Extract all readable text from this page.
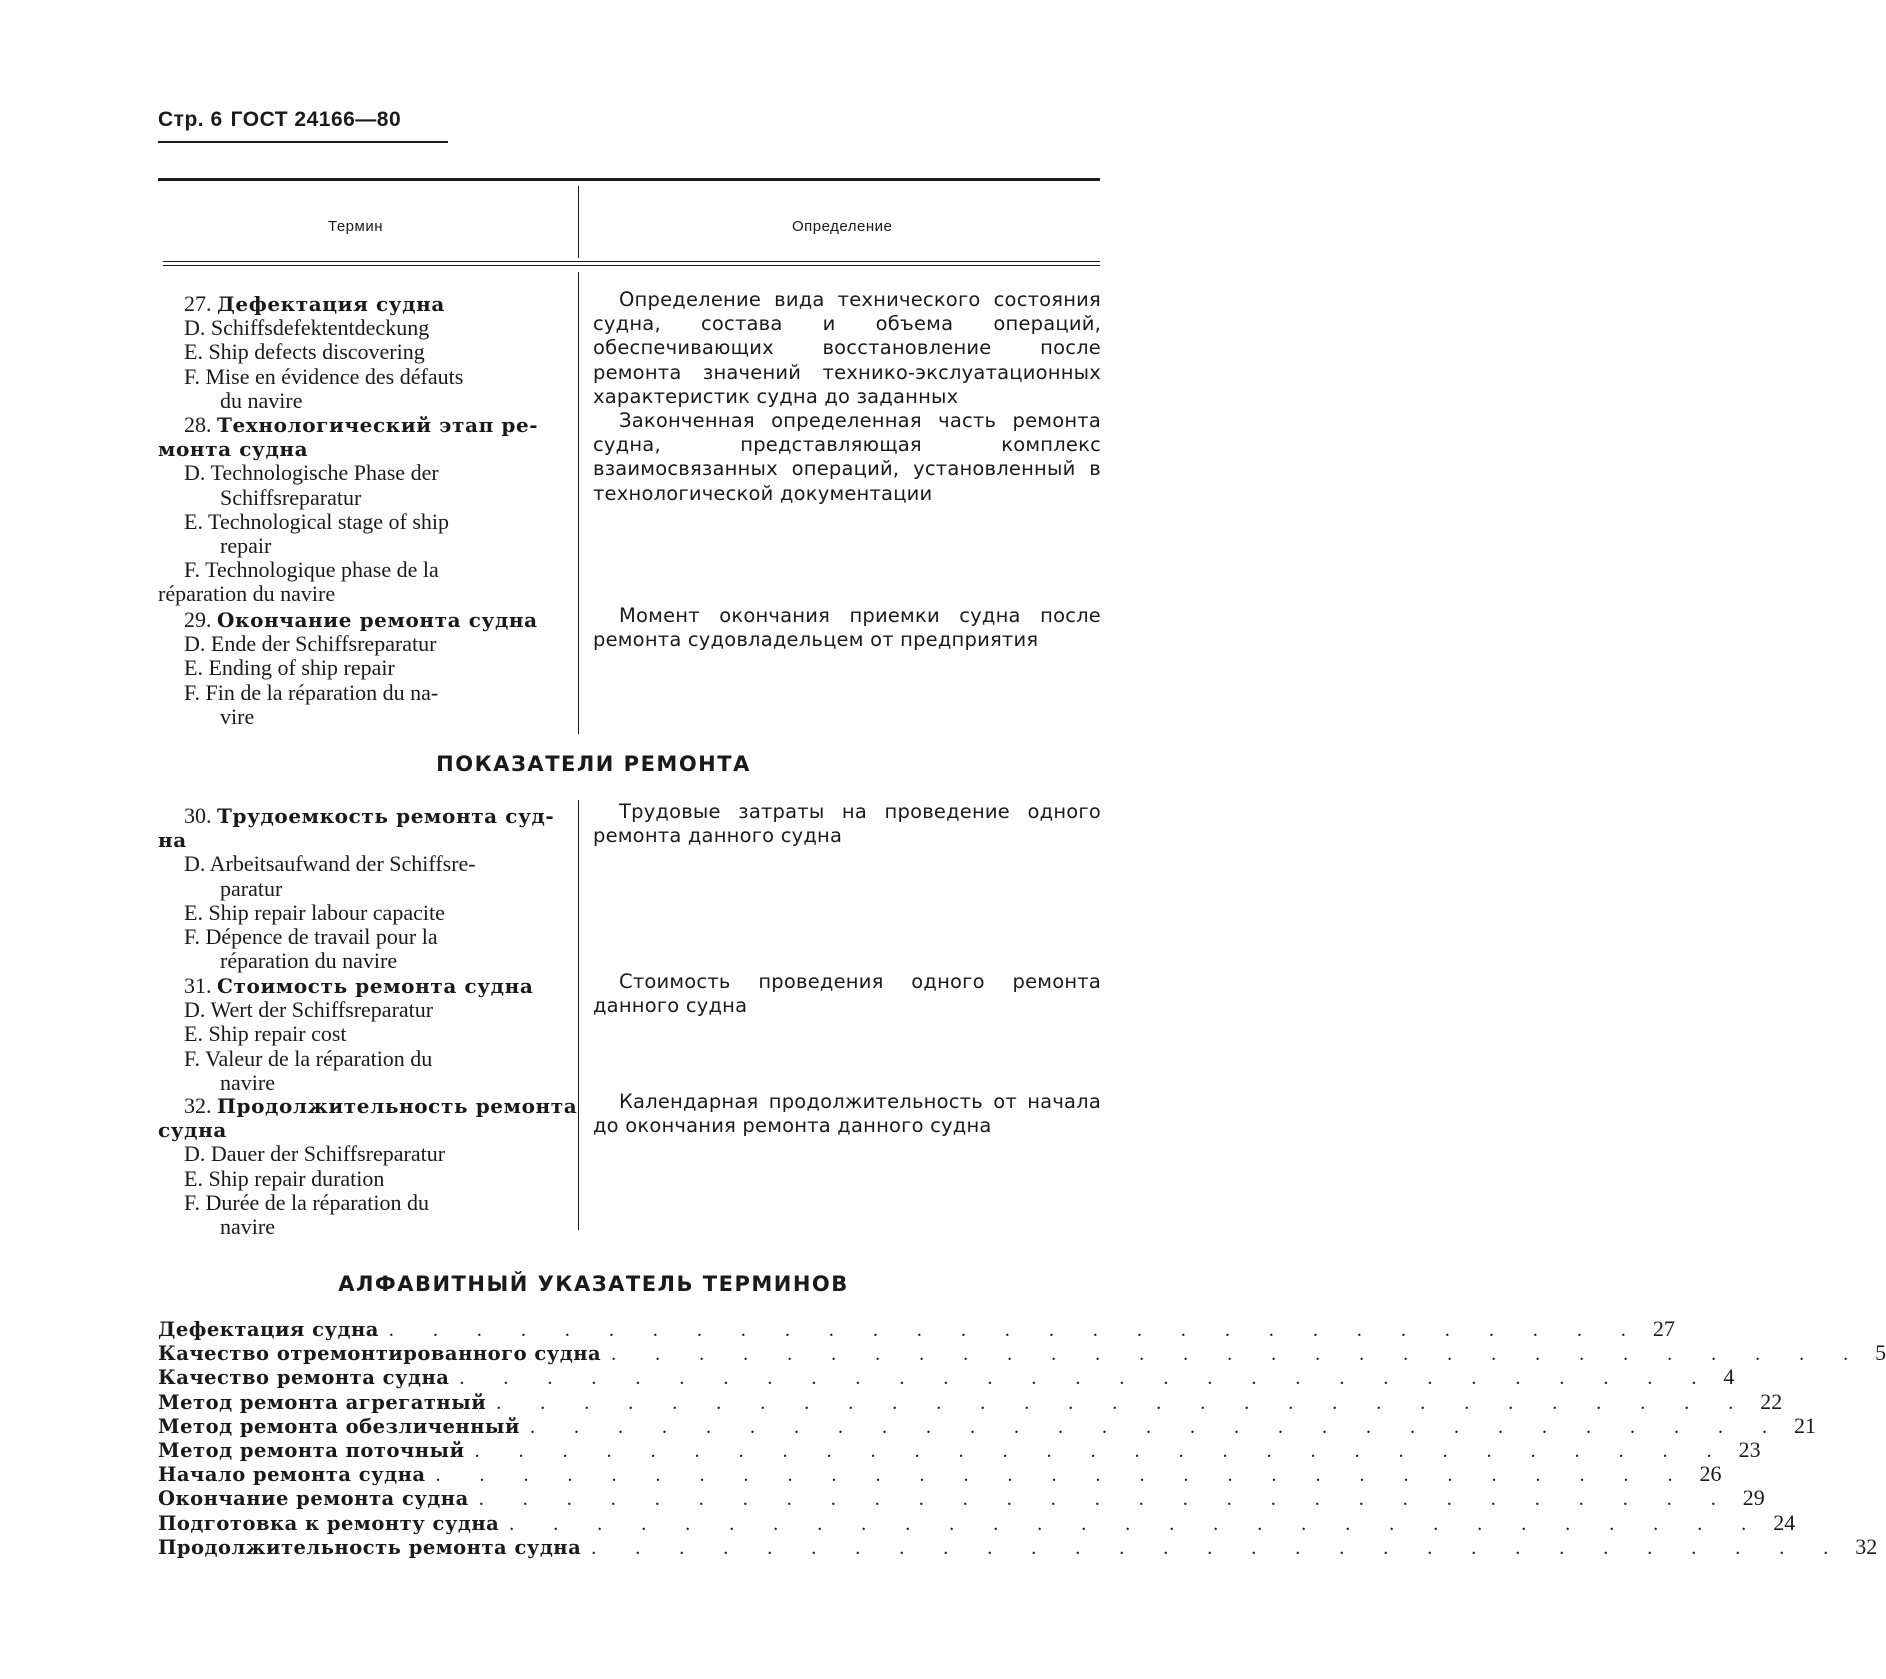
Стр. 6 ГОСТ 24166—80
Термин	Определение
27. Дефектация судна
D. Schiffsdefektentdeckung
E. Ship defects discovering
F. Mise en évidence des défauts
du navire

Определение вида технического состояния судна, состава и объема операций, обеспечивающих восстановление после ремонта значений технико-экслуатационных характеристик судна до заданных

28. Технологический этап ре-
монта судна
D. Technologische Phase der
Schiffsreparatur
E. Technological stage of ship
repair
F. Technologique phase de la
réparation du navire

Законченная определенная часть ремонта судна, представляющая комплекс взаимосвязанных операций, установленный в технологической документации

29. Окончание ремонта судна
D. Ende der Schiffsreparatur
E. Ending of ship repair
F. Fin de la réparation du na-
vire

Момент окончания приемки судна после ремонта судовладельцем от предприятия

ПОКАЗАТЕЛИ РЕМОНТА
30. Трудоемкость ремонта суд-
на
D. Arbeitsaufwand der Schiffsre-
paratur
E. Ship repair labour capacite
F. Dépence de travail pour la
réparation du navire

Трудовые затраты на проведение одного ремонта данного судна

31. Стоимость ремонта судна
D. Wert der Schiffsreparatur
E. Ship repair cost
F. Valeur de la réparation du
navire

Стоимость проведения одного ремонта данного судна

32. Продолжительность ремонта
судна
D. Dauer der Schiffsreparatur
E. Ship repair duration
F. Durée de la réparation du
navire

Календарная продолжительность от начала до окончания ремонта данного судна

АЛФАВИТНЫЙ УКАЗАТЕЛЬ ТЕРМИНОВ
Дефектация судна . . . . . . . . . . . . . . . . . . . . . . . . . . . . . 27
Качество отремонтированного судна . . . . . . . . . . . . . . . . . . . . . . . . . . . . . 5
Качество ремонта судна . . . . . . . . . . . . . . . . . . . . . . . . . . . . . 4
Метод ремонта агрегатный . . . . . . . . . . . . . . . . . . . . . . . . . . . . . 22
Метод ремонта обезличенный . . . . . . . . . . . . . . . . . . . . . . . . . . . . . 21
Метод ремонта поточный . . . . . . . . . . . . . . . . . . . . . . . . . . . . . 23
Начало ремонта судна . . . . . . . . . . . . . . . . . . . . . . . . . . . . . 26
Окончание ремонта судна . . . . . . . . . . . . . . . . . . . . . . . . . . . . . 29
Подготовка к ремонту судна . . . . . . . . . . . . . . . . . . . . . . . . . . . . . 24
Продолжительность ремонта судна . . . . . . . . . . . . . . . . . . . . . . . . . . . . . 32
